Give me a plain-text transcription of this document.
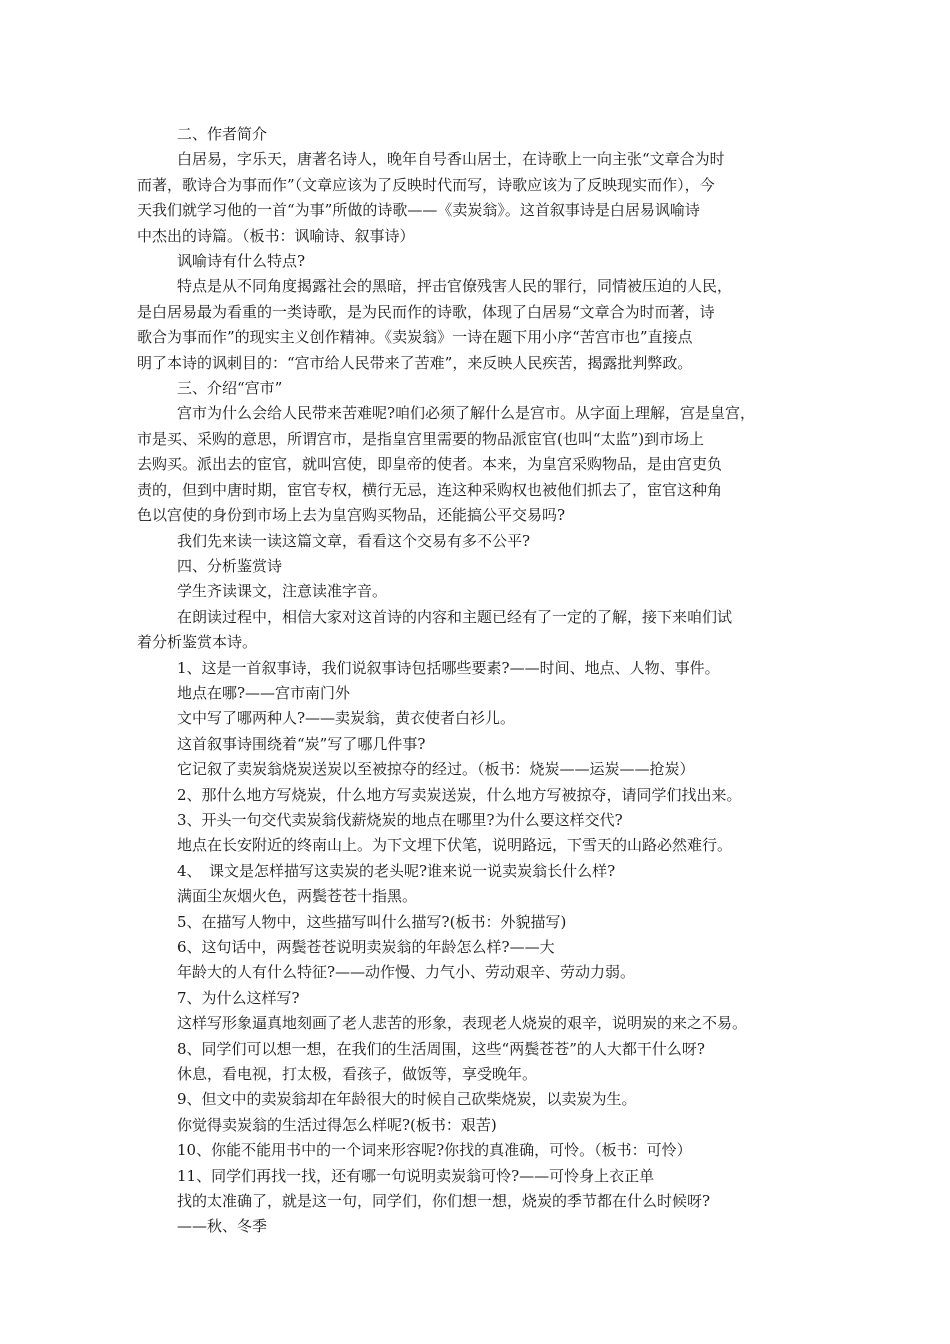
二、作者简介

白居易，字乐天，唐著名诗人，晚年自号香山居士，在诗歌上一向主张“文章合为时

而著，歌诗合为事而作”（文章应该为了反映时代而写，诗歌应该为了反映现实而作），今

天我们就学习他的一首“为事”所做的诗歌——《卖炭翁》。这首叙事诗是白居易讽喻诗

中杰出的诗篇。（板书：讽喻诗、叙事诗）

讽喻诗有什么特点?

特点是从不同角度揭露社会的黑暗，抨击官僚残害人民的罪行，同情被压迫的人民，

是白居易最为看重的一类诗歌，是为民而作的诗歌，体现了白居易“文章合为时而著，诗

歌合为事而作”的现实主义创作精神。《卖炭翁》一诗在题下用小序“苦宫市也”直接点

明了本诗的讽刺目的：“宫市给人民带来了苦难”，来反映人民疾苦，揭露批判弊政。

三、介绍“宫市”

宫市为什么会给人民带来苦难呢?咱们必须了解什么是宫市。从字面上理解，宫是皇宫，

市是买、采购的意思，所谓宫市，是指皇宫里需要的物品派宦官(也叫“太监”)到市场上

去购买。派出去的宦官，就叫宫使，即皇帝的使者。本来，为皇宫采购物品，是由宫吏负

责的，但到中唐时期，宦官专权，横行无忌，连这种采购权也被他们抓去了，宦官这种角

色以宫使的身份到市场上去为皇宫购买物品，还能搞公平交易吗?

我们先来读一读这篇文章，看看这个交易有多不公平?

四、分析鉴赏诗

学生齐读课文，注意读准字音。

在朗读过程中，相信大家对这首诗的内容和主题已经有了一定的了解，接下来咱们试

着分析鉴赏本诗。

1、这是一首叙事诗，我们说叙事诗包括哪些要素?——时间、地点、人物、事件。

地点在哪?——宫市南门外

文中写了哪两种人?——卖炭翁，黄衣使者白衫儿。

这首叙事诗围绕着“炭”写了哪几件事?

它记叙了卖炭翁烧炭送炭以至被掠夺的经过。（板书：烧炭——运炭——抢炭）

2、那什么地方写烧炭，什么地方写卖炭送炭，什么地方写被掠夺，请同学们找出来。

3、开头一句交代卖炭翁伐薪烧炭的地点在哪里?为什么要这样交代?

地点在长安附近的终南山上。为下文埋下伏笔，说明路远，下雪天的山路必然难行。

4、　课文是怎样描写这卖炭的老头呢?谁来说一说卖炭翁长什么样?

满面尘灰烟火色，两鬓苍苍十指黑。

5、在描写人物中，这些描写叫什么描写?(板书：外貌描写)

6、这句话中，两鬓苍苍说明卖炭翁的年龄怎么样?——大

年龄大的人有什么特征?——动作慢、力气小、劳动艰辛、劳动力弱。

7、为什么这样写?

这样写形象逼真地刻画了老人悲苦的形象，表现老人烧炭的艰辛，说明炭的来之不易。

8、同学们可以想一想，在我们的生活周围，这些“两鬓苍苍”的人大都干什么呀?

休息，看电视，打太极，看孩子，做饭等，享受晚年。

9、但文中的卖炭翁却在年龄很大的时候自己砍柴烧炭，以卖炭为生。

你觉得卖炭翁的生活过得怎么样呢?(板书：艰苦)

10、你能不能用书中的一个词来形容呢?你找的真准确，可怜。（板书：可怜）

11、同学们再找一找，还有哪一句说明卖炭翁可怜?——可怜身上衣正单

找的太准确了，就是这一句，同学们，你们想一想，烧炭的季节都在什么时候呀?

——秋、冬季
